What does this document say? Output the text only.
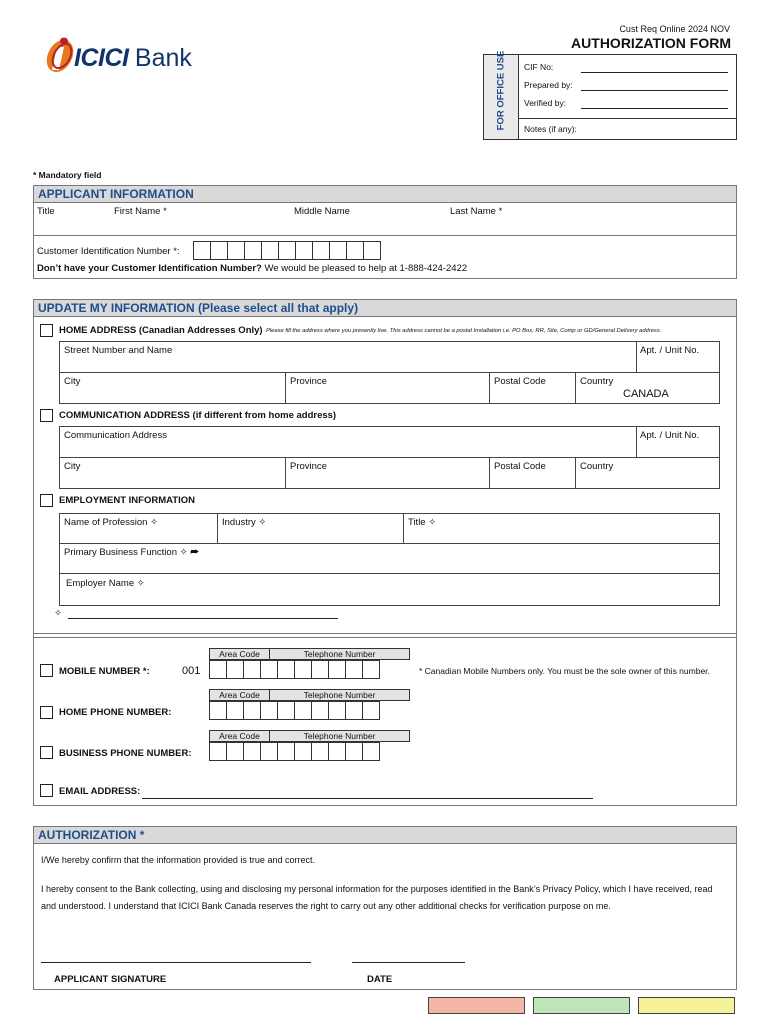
ICICI Bank
Cust Req Online 2024 NOV
AUTHORIZATION FORM
FOR OFFICE USE CIF No:
Prepared by:
Verified by:
Notes (if any):
* Mandatory field
APPLICANT INFORMATION
Title	First Name *	Middle Name	Last Name *
Customer Identification Number *:
Don’t have your Customer Identification Number? We would be pleased to help at 1-888-424-2422
UPDATE MY INFORMATION (Please select all that apply)
HOME ADDRESS (Canadian Addresses Only) Please fill the address where you presently live. This address cannot be a postal Installation i.e. PO Box, RR, Site, Comp or GD/General Delivery address.
Street Number and Name	Apt. / Unit No.
City	Province	Postal Code	Country
CANADA
COMMUNICATION ADDRESS (if different from home address)
Communication Address	Apt. / Unit No.
City	Province	Postal Code	Country
EMPLOYMENT INFORMATION
Name of Profession ✧	Industry ✧	Title ✧
Primary Business Function ✧ ⮫
Employer Name ✧
✧
Area Code	Telephone Number
MOBILE NUMBER *:	001	* Canadian Mobile Numbers only. You must be the sole owner of this number.
Area Code	Telephone Number
HOME PHONE NUMBER:
Area Code	Telephone Number
BUSINESS PHONE NUMBER:
EMAIL ADDRESS:
AUTHORIZATION *
I/We hereby confirm that the information provided is true and correct.
I hereby consent to the Bank collecting, using and disclosing my personal information for the purposes identified in the Bank’s Privacy Policy, which I have received, read and understood. I understand that ICICI Bank Canada reserves the right to carry out any other additional checks for verification purpose on me.
APPLICANT SIGNATURE	DATE
